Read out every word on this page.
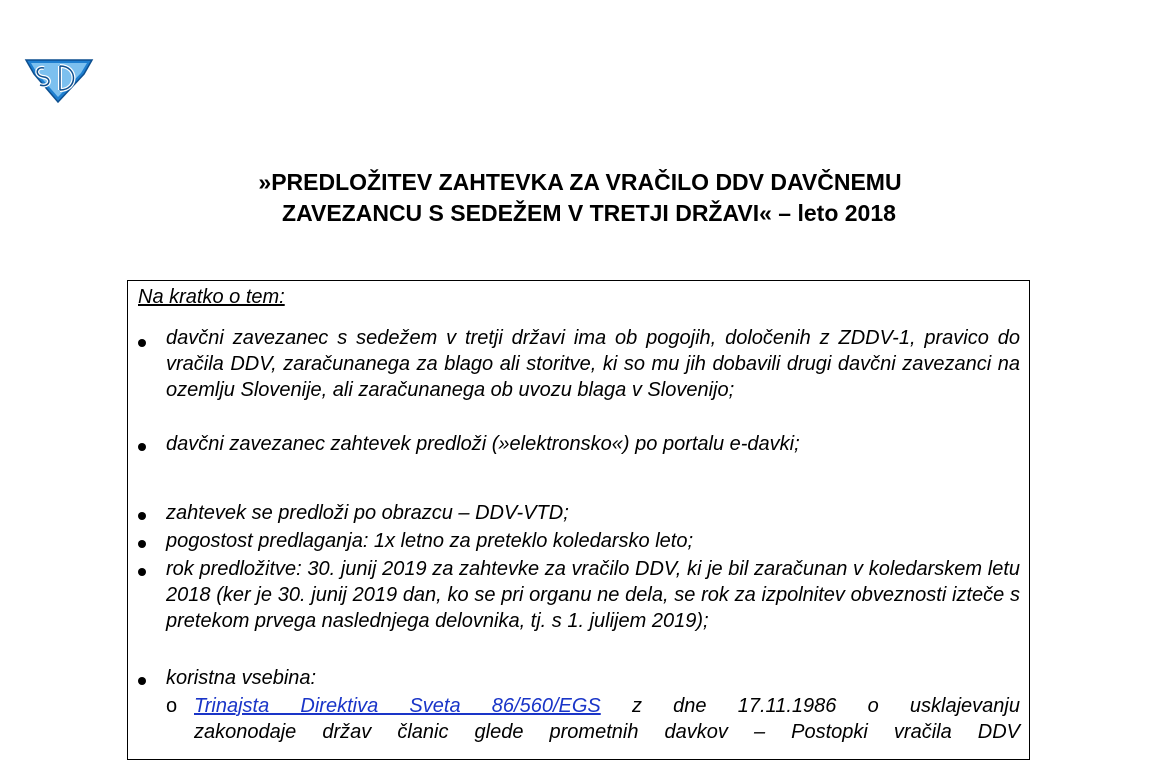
»PREDLOŽITEV ZAHTEVKA ZA VRAČILO DDV DAVČNEMU

ZAVEZANCU S SEDEŽEM V TRETJI DRŽAVI« – leto 2018
Na kratko o tem:
davčni zavezanec s sedežem v tretji državi ima ob pogojih, določenih z ZDDV-1, pravico do vračila DDV, zaračunanega za blago ali storitve, ki so mu jih dobavili drugi davčni zavezanci na ozemlju Slovenije, ali zaračunanega ob uvozu blaga v Slovenijo;
davčni zavezanec zahtevek predloži (»elektronsko«) po portalu e-davki;
zahtevek se predloži po obrazcu – DDV-VTD;
pogostost predlaganja: 1x letno za preteklo koledarsko leto;
rok predložitve: 30. junij 2019 za zahtevke za vračilo DDV, ki je bil zaračunan v koledarskem letu 2018 (ker je 30. junij 2019 dan, ko se pri organu ne dela, se rok za izpolnitev obveznosti izteče s pretekom prvega naslednjega delovnika, tj. s 1. julijem 2019);
koristna vsebina:
o Trinajsta Direktiva Sveta 86/560/EGS z dne 17.11.1986 o usklajevanju
zakonodaje držav članic glede prometnih davkov – Postopki vračila DDV
